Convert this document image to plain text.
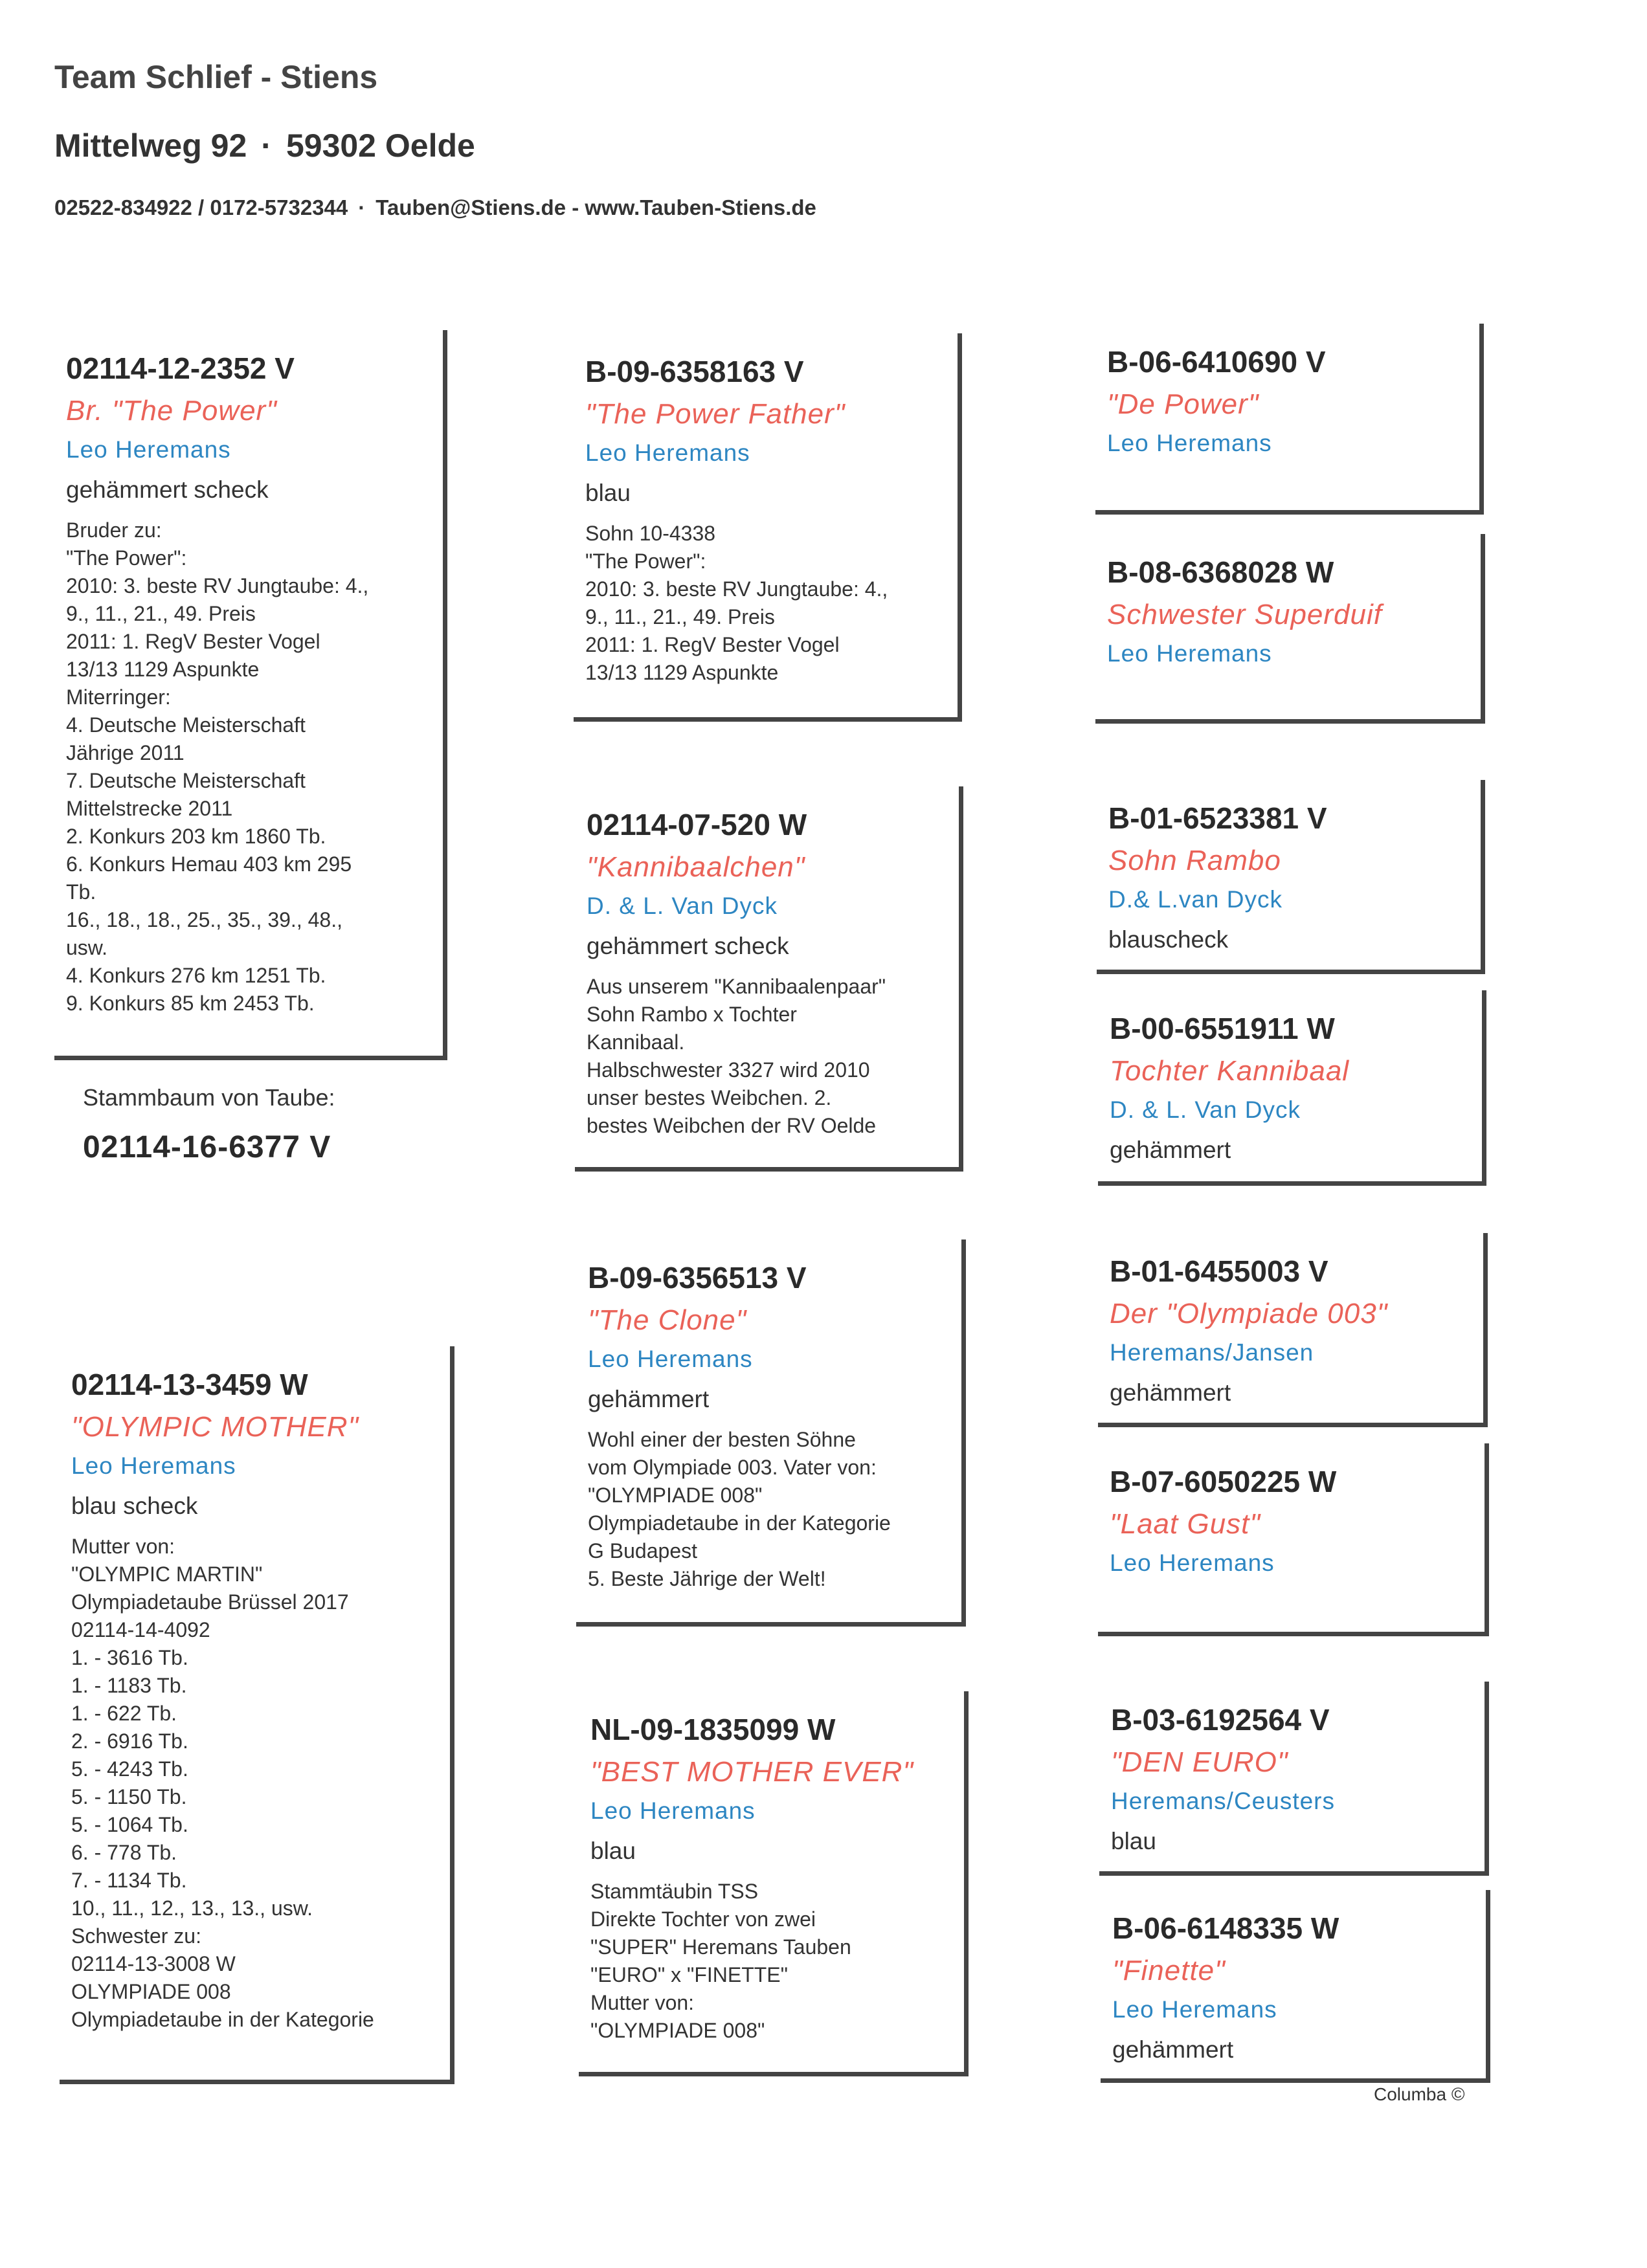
Team Schlief - Stiens
Mittelweg 92 · 59302 Oelde
02522-834922 / 0172-5732344 · Tauben@Stiens.de - www.Tauben-Stiens.de
02114-12-2352 V
Br. "The Power"
Leo Heremans
gehämmert scheck
Bruder zu:
"The Power":
2010: 3. beste RV Jungtaube: 4.,
9., 11., 21., 49. Preis
2011: 1. RegV Bester Vogel
13/13 1129 Aspunkte
Miterringer:
4. Deutsche Meisterschaft
Jährige 2011
7. Deutsche Meisterschaft
Mittelstrecke 2011
2. Konkurs 203 km 1860 Tb.
6. Konkurs Hemau 403 km 295
Tb.
16., 18., 18., 25., 35., 39., 48.,
usw.
4. Konkurs 276 km 1251 Tb.
9. Konkurs 85 km 2453 Tb.
Stammbaum von Taube:
02114-16-6377 V
02114-13-3459 W
"OLYMPIC MOTHER"
Leo Heremans
blau scheck
Mutter von:
"OLYMPIC MARTIN"
Olympiadetaube Brüssel 2017
02114-14-4092
1. - 3616 Tb.
1. - 1183 Tb.
1. - 622 Tb.
2. - 6916 Tb.
5. - 4243 Tb.
5. - 1150 Tb.
5. - 1064 Tb.
6. - 778 Tb.
7. - 1134 Tb.
10., 11., 12., 13., 13., usw.
Schwester zu:
02114-13-3008 W
OLYMPIADE 008
Olympiadetaube in der Kategorie
B-09-6358163 V
"The Power Father"
Leo Heremans
blau
Sohn 10-4338
"The Power":
2010: 3. beste RV Jungtaube: 4.,
9., 11., 21., 49. Preis
2011: 1. RegV Bester Vogel
13/13 1129 Aspunkte
02114-07-520 W
"Kannibaalchen"
D. & L. Van Dyck
gehämmert scheck
Aus unserem "Kannibaalenpaar"
Sohn Rambo x Tochter
Kannibaal.
Halbschwester 3327 wird 2010
unser bestes Weibchen. 2.
bestes Weibchen der RV Oelde
B-09-6356513 V
"The Clone"
Leo Heremans
gehämmert
Wohl einer der besten Söhne
vom Olympiade 003. Vater von:
"OLYMPIADE 008"
Olympiadetaube in der Kategorie
G Budapest
5. Beste Jährige der Welt!
NL-09-1835099 W
"BEST MOTHER EVER"
Leo Heremans
blau
Stammtäubin TSS
Direkte Tochter von zwei
"SUPER" Heremans Tauben
"EURO" x "FINETTE"
Mutter von:
"OLYMPIADE 008"
B-06-6410690 V
"De Power"
Leo Heremans
B-08-6368028 W
Schwester Superduif
Leo Heremans
B-01-6523381 V
Sohn Rambo
D.& L.van Dyck
blauscheck
B-00-6551911 W
Tochter Kannibaal
D. & L. Van Dyck
gehämmert
B-01-6455003 V
Der "Olympiade 003"
Heremans/Jansen
gehämmert
B-07-6050225 W
"Laat Gust"
Leo Heremans
B-03-6192564 V
"DEN EURO"
Heremans/Ceusters
blau
B-06-6148335 W
"Finette"
Leo Heremans
gehämmert
Columba ©
